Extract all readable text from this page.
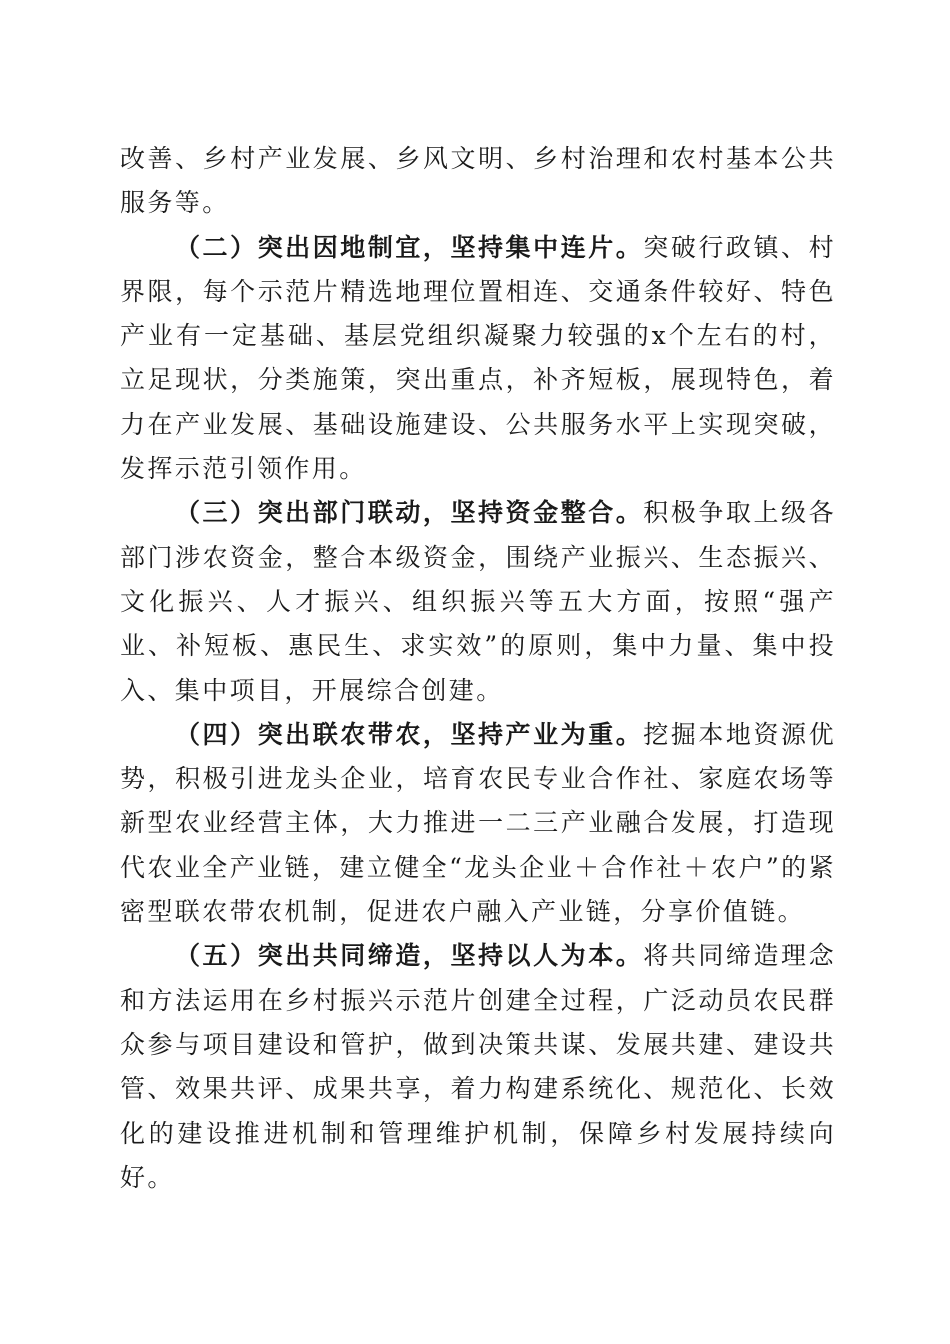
改善、乡村产业发展、乡风文明、乡村治理和农村基本公共服务等。

（二）突出因地制宜，坚持集中连片。突破行政镇、村界限，每个示范片精选地理位置相连、交通条件较好、特色产业有一定基础、基层党组织凝聚力较强的x个左右的村，立足现状，分类施策，突出重点，补齐短板，展现特色，着力在产业发展、基础设施建设、公共服务水平上实现突破，发挥示范引领作用。

（三）突出部门联动，坚持资金整合。积极争取上级各部门涉农资金，整合本级资金，围绕产业振兴、生态振兴、文化振兴、人才振兴、组织振兴等五大方面，按照“强产业、补短板、惠民生、求实效”的原则，集中力量、集中投入、集中项目，开展综合创建。

（四）突出联农带农，坚持产业为重。挖掘本地资源优势，积极引进龙头企业，培育农民专业合作社、家庭农场等新型农业经营主体，大力推进一二三产业融合发展，打造现代农业全产业链，建立健全“龙头企业＋合作社＋农户”的紧密型联农带农机制，促进农户融入产业链，分享价值链。

（五）突出共同缔造，坚持以人为本。将共同缔造理念和方法运用在乡村振兴示范片创建全过程，广泛动员农民群众参与项目建设和管护，做到决策共谋、发展共建、建设共管、效果共评、成果共享，着力构建系统化、规范化、长效化的建设推进机制和管理维护机制，保障乡村发展持续向好。
